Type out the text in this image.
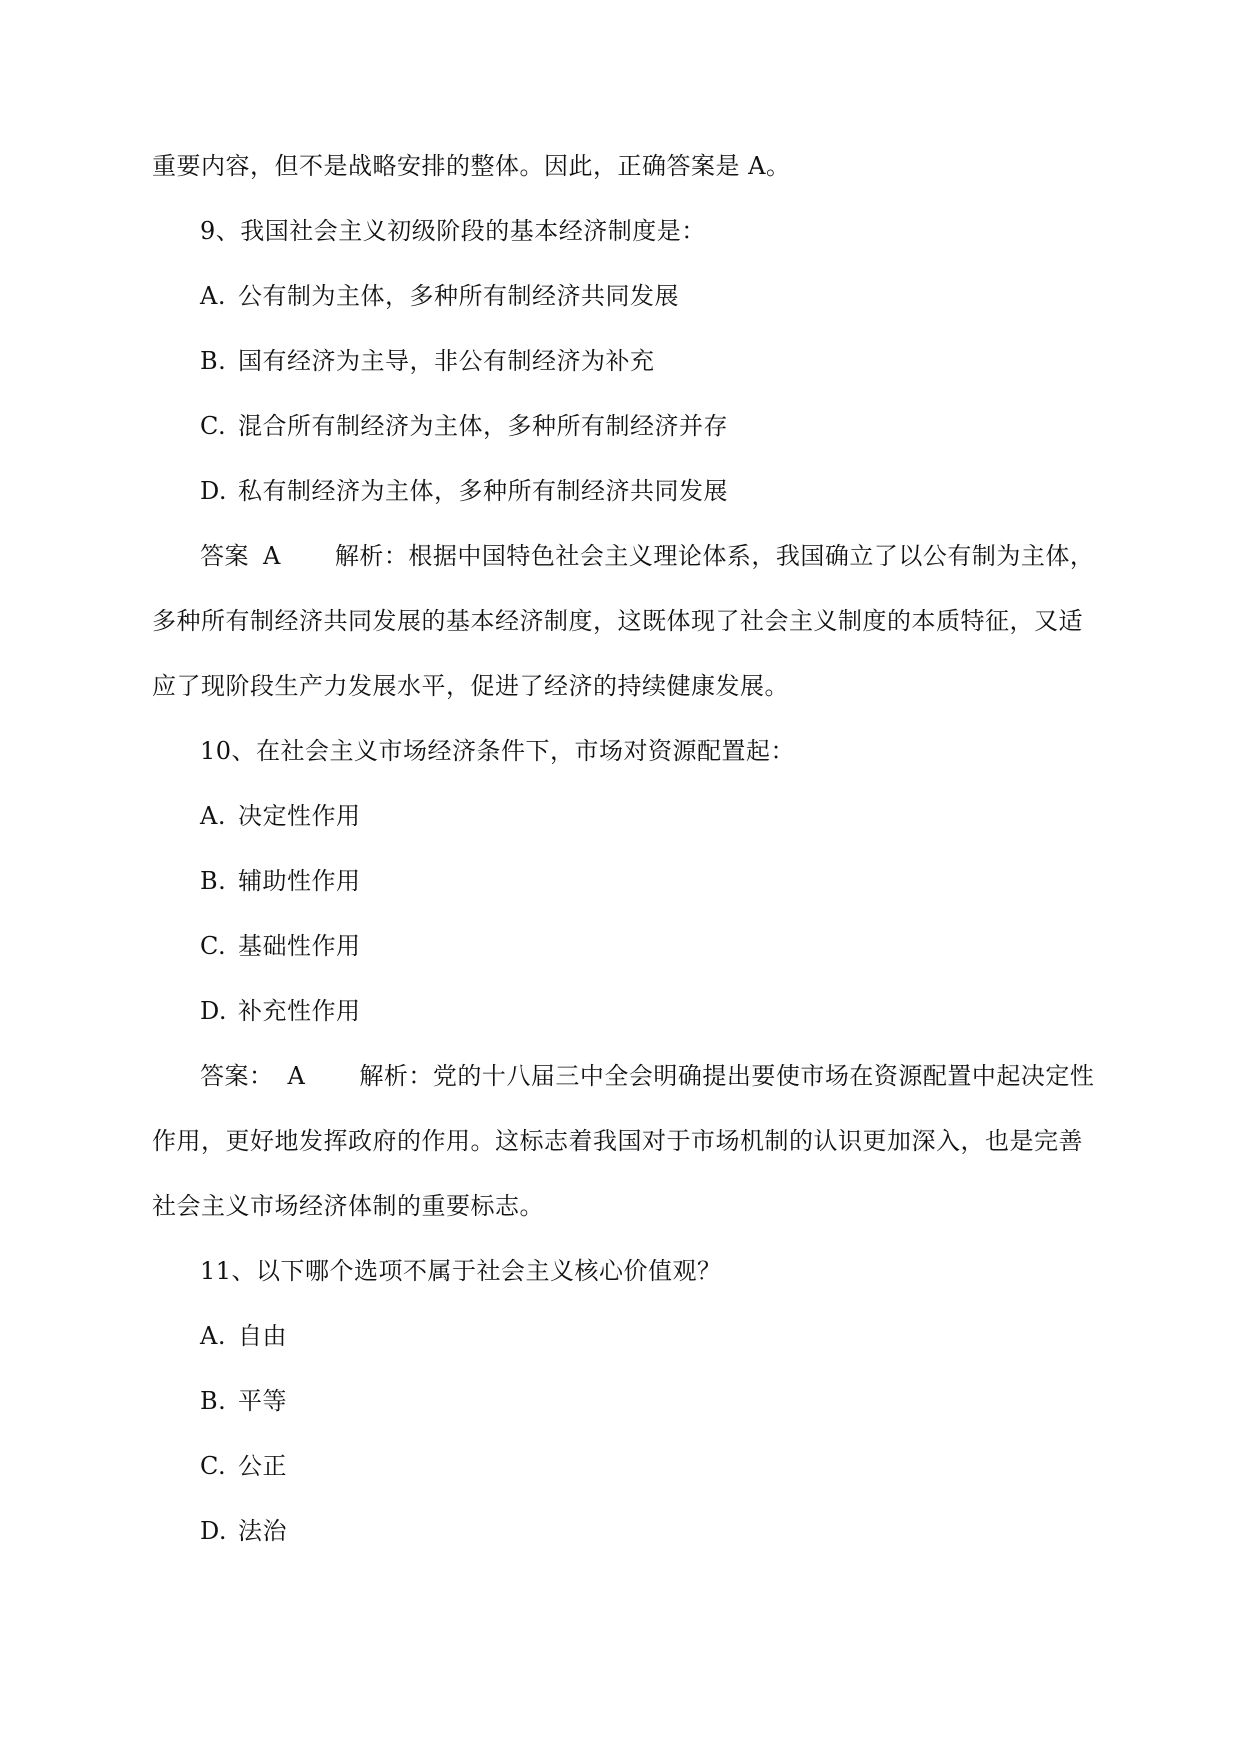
重要内容，但不是战略安排的整体。因此，正确答案是 A。
9、我国社会主义初级阶段的基本经济制度是：
A. 公有制为主体，多种所有制经济共同发展
B. 国有经济为主导，非公有制经济为补充
C. 混合所有制经济为主体，多种所有制经济并存
D. 私有制经济为主体，多种所有制经济共同发展
答案 A 解析：根据中国特色社会主义理论体系，我国确立了以公有制为主体，
多种所有制经济共同发展的基本经济制度，这既体现了社会主义制度的本质特征，又适
应了现阶段生产力发展水平，促进了经济的持续健康发展。
10、在社会主义市场经济条件下，市场对资源配置起：
A. 决定性作用
B. 辅助性作用
C. 基础性作用
D. 补充性作用
答案： A 解析：党的十八届三中全会明确提出要使市场在资源配置中起决定性
作用，更好地发挥政府的作用。这标志着我国对于市场机制的认识更加深入，也是完善
社会主义市场经济体制的重要标志。
11、以下哪个选项不属于社会主义核心价值观？
A. 自由
B. 平等
C. 公正
D. 法治
